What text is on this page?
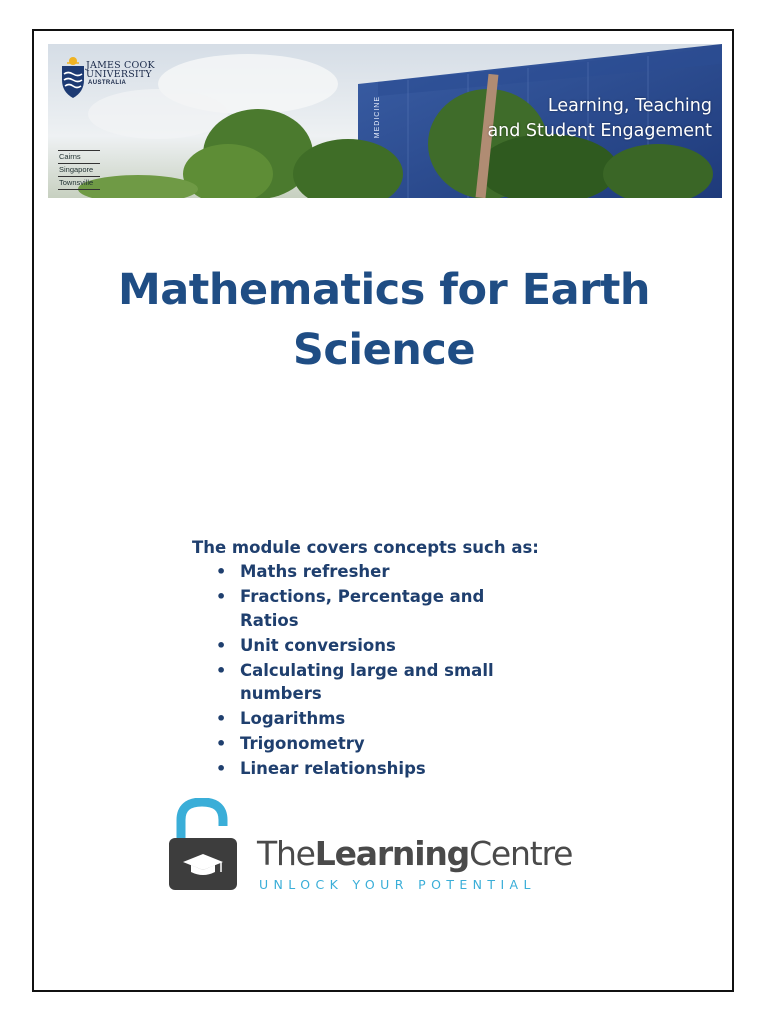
JAMES COOK
UNIVERSITY
AUSTRALIA
Cairns
Singapore
Townsville
MEDICINE	Learning, Teaching
and Student Engagement
Mathematics for Earth
Science

The module covers concepts such as:

• Maths refresher
• Fractions, Percentage and Ratios
• Unit conversions
• Calculating large and small numbers
• Logarithms
• Trigonometry
• Linear relationships
TheLearningCentre
UNLOCK YOUR POTENTIAL
